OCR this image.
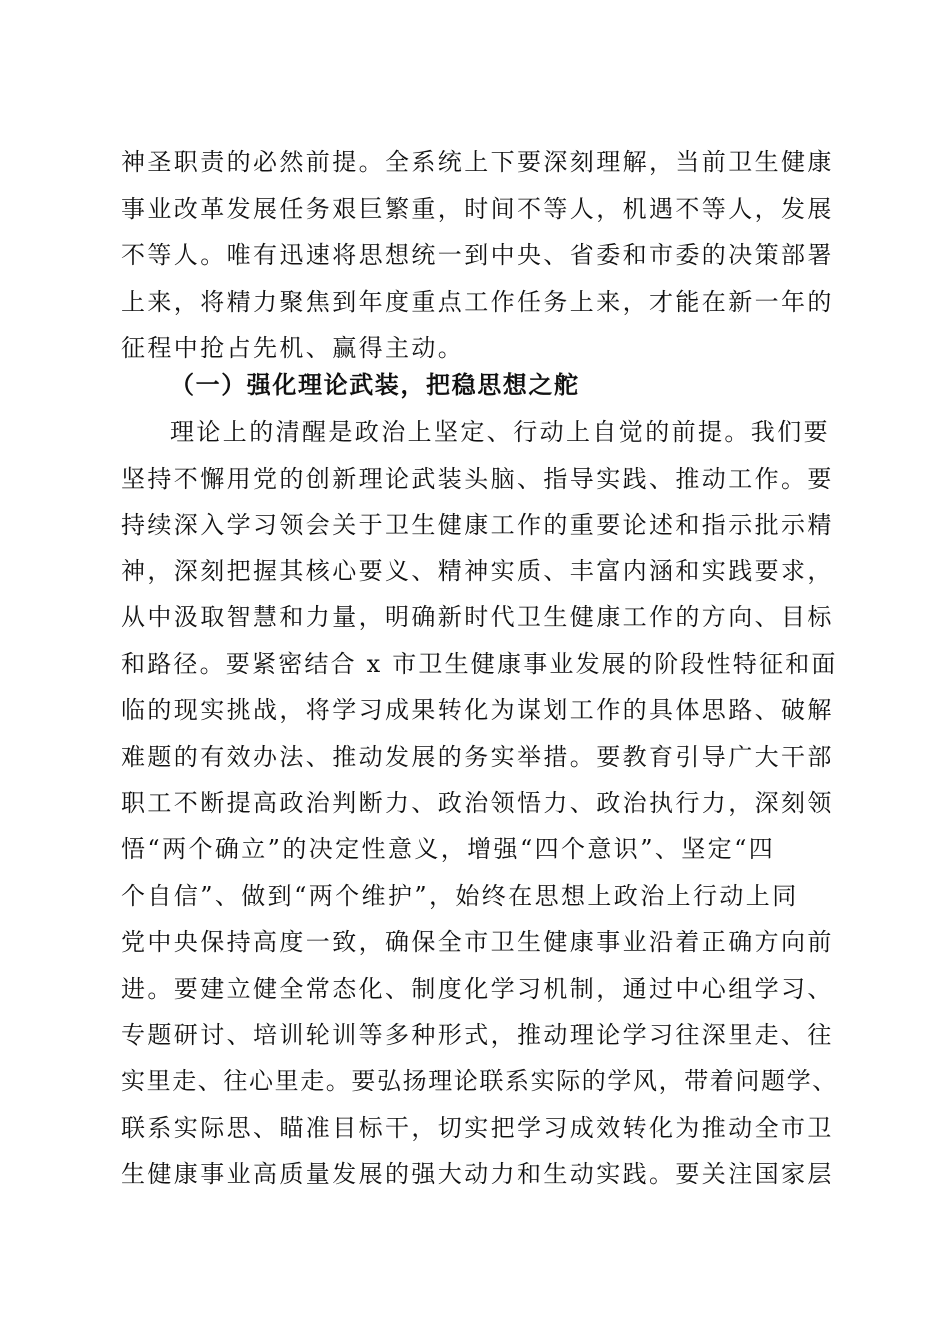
神圣职责的必然前提。全系统上下要深刻理解，当前卫生健康
事业改革发展任务艰巨繁重，时间不等人，机遇不等人，发展
不等人。唯有迅速将思想统一到中央、省委和市委的决策部署
上来，将精力聚焦到年度重点工作任务上来，才能在新一年的
征程中抢占先机、赢得主动。
（一）强化理论武装，把稳思想之舵
理论上的清醒是政治上坚定、行动上自觉的前提。我们要
坚持不懈用党的创新理论武装头脑、指导实践、推动工作。要
持续深入学习领会关于卫生健康工作的重要论述和指示批示精
神，深刻把握其核心要义、精神实质、丰富内涵和实践要求，
从中汲取智慧和力量，明确新时代卫生健康工作的方向、目标
和路径。要紧密结合 x 市卫生健康事业发展的阶段性特征和面
临的现实挑战，将学习成果转化为谋划工作的具体思路、破解
难题的有效办法、推动发展的务实举措。要教育引导广大干部
职工不断提高政治判断力、政治领悟力、政治执行力，深刻领
悟“两个确立”的决定性意义，增强“四个意识”、坚定“四
个自信”、做到“两个维护”，始终在思想上政治上行动上同
党中央保持高度一致，确保全市卫生健康事业沿着正确方向前
进。要建立健全常态化、制度化学习机制，通过中心组学习、
专题研讨、培训轮训等多种形式，推动理论学习往深里走、往
实里走、往心里走。要弘扬理论联系实际的学风，带着问题学、
联系实际思、瞄准目标干，切实把学习成效转化为推动全市卫
生健康事业高质量发展的强大动力和生动实践。要关注国家层
